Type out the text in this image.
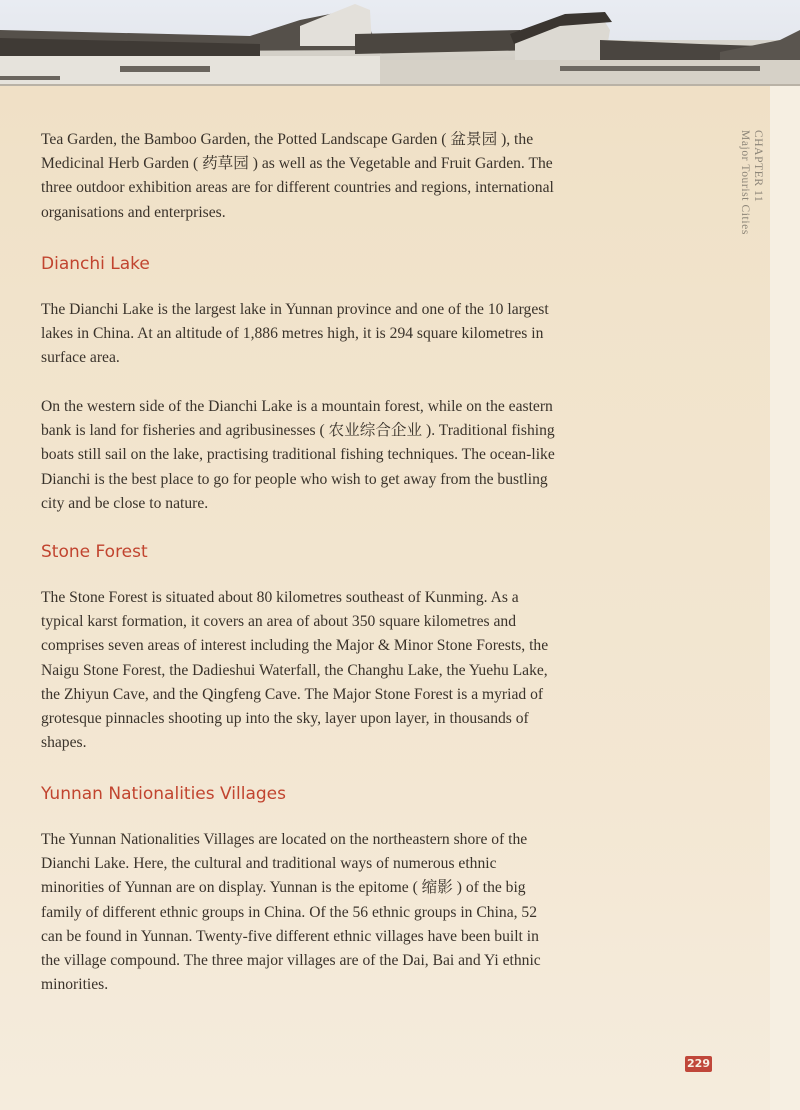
CHAPTER 11
Major Tourist Cities

Tea Garden, the Bamboo Garden, the Potted Landscape Garden ( 盆景园 ), the Medicinal Herb Garden ( 药草园 ) as well as the Vegetable and Fruit Garden. The three outdoor exhibition areas are for different countries and regions, international organisations and enterprises.

Dianchi Lake

The Dianchi Lake is the largest lake in Yunnan province and one of the 10 largest lakes in China. At an altitude of 1,886 metres high, it is 294 square kilometres in surface area.

On the western side of the Dianchi Lake is a mountain forest, while on the eastern bank is land for fisheries and agribusinesses ( 农业综合企业 ). Traditional fishing boats still sail on the lake, practising traditional fishing techniques. The ocean-like Dianchi is the best place to go for people who wish to get away from the bustling city and be close to nature.

Stone Forest

The Stone Forest is situated about 80 kilometres southeast of Kunming. As a typical karst formation, it covers an area of about 350 square kilometres and comprises seven areas of interest including the Major & Minor Stone Forests, the Naigu Stone Forest, the Dadieshui Waterfall, the Changhu Lake, the Yuehu Lake, the Zhiyun Cave, and the Qingfeng Cave. The Major Stone Forest is a myriad of grotesque pinnacles shooting up into the sky, layer upon layer, in thousands of shapes.

Yunnan Nationalities Villages

The Yunnan Nationalities Villages are located on the northeastern shore of the Dianchi Lake. Here, the cultural and traditional ways of numerous ethnic minorities of Yunnan are on display. Yunnan is the epitome ( 缩影 ) of the big family of different ethnic groups in China. Of the 56 ethnic groups in China, 52 can be found in Yunnan. Twenty-five different ethnic villages have been built in the village compound. The three major villages are of the Dai, Bai and Yi ethnic minorities.

229
